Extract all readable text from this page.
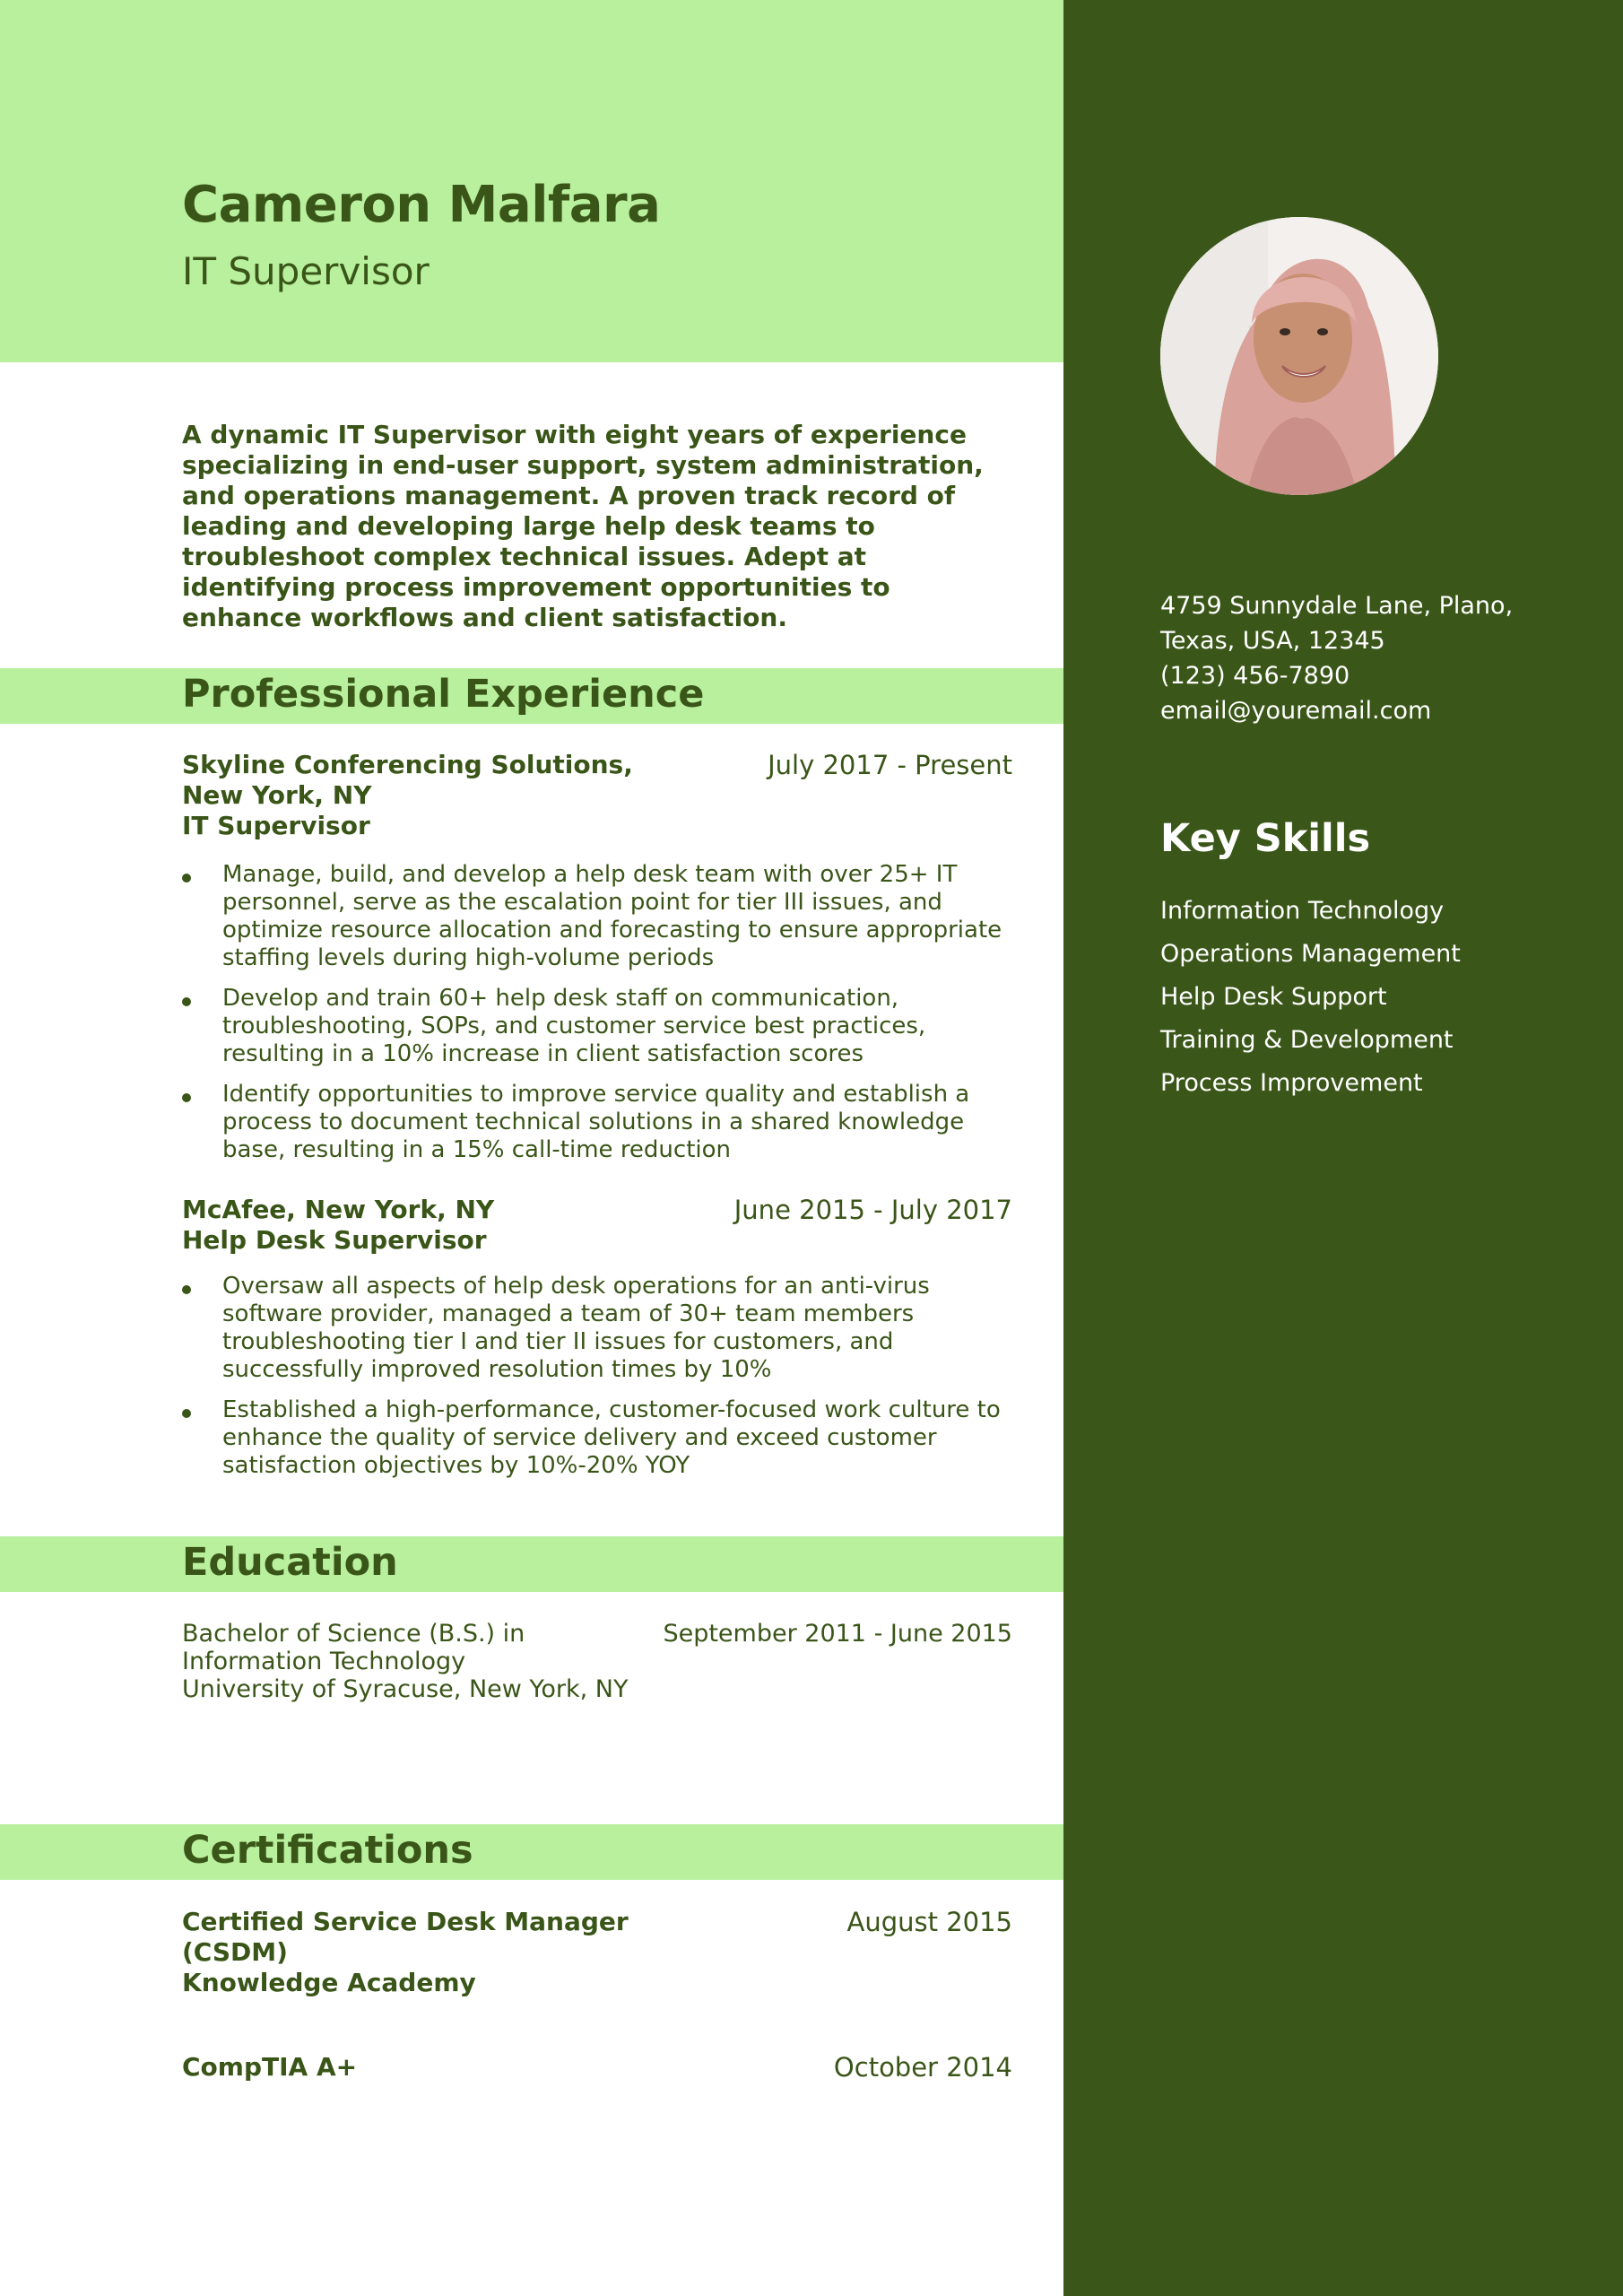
Cameron Malfara
IT Supervisor
A dynamic IT Supervisor with eight years of experience specializing in end-user support, system administration, and operations management. A proven track record of leading and developing large help desk teams to troubleshoot complex technical issues. Adept at identifying process improvement opportunities to enhance workflows and client satisfaction.
Professional Experience
Skyline Conferencing Solutions,
New York, NY
IT Supervisor
July 2017 - Present
Manage, build, and develop a help desk team with over 25+ IT personnel, serve as the escalation point for tier III issues, and optimize resource allocation and forecasting to ensure appropriate staffing levels during high-volume periods
Develop and train 60+ help desk staff on communication, troubleshooting, SOPs, and customer service best practices, resulting in a 10% increase in client satisfaction scores
Identify opportunities to improve service quality and establish a process to document technical solutions in a shared knowledge base, resulting in a 15% call-time reduction
McAfee, New York, NY
Help Desk Supervisor
June 2015 - July 2017
Oversaw all aspects of help desk operations for an anti-virus software provider, managed a team of 30+ team members troubleshooting tier I and tier II issues for customers, and successfully improved resolution times by 10%
Established a high-performance, customer-focused work culture to enhance the quality of service delivery and exceed customer satisfaction objectives by 10%-20% YOY
Education
Bachelor of Science (B.S.) in
Information Technology
University of Syracuse, New York, NY
September 2011 - June 2015
Certifications
Certified Service Desk Manager
(CSDM)
Knowledge Academy
August 2015
CompTIA A+	October 2014
4759 Sunnydale Lane, Plano,
Texas, USA, 12345
(123) 456-7890
email@youremail.com
Key Skills
Information Technology
Operations Management
Help Desk Support
Training & Development
Process Improvement
